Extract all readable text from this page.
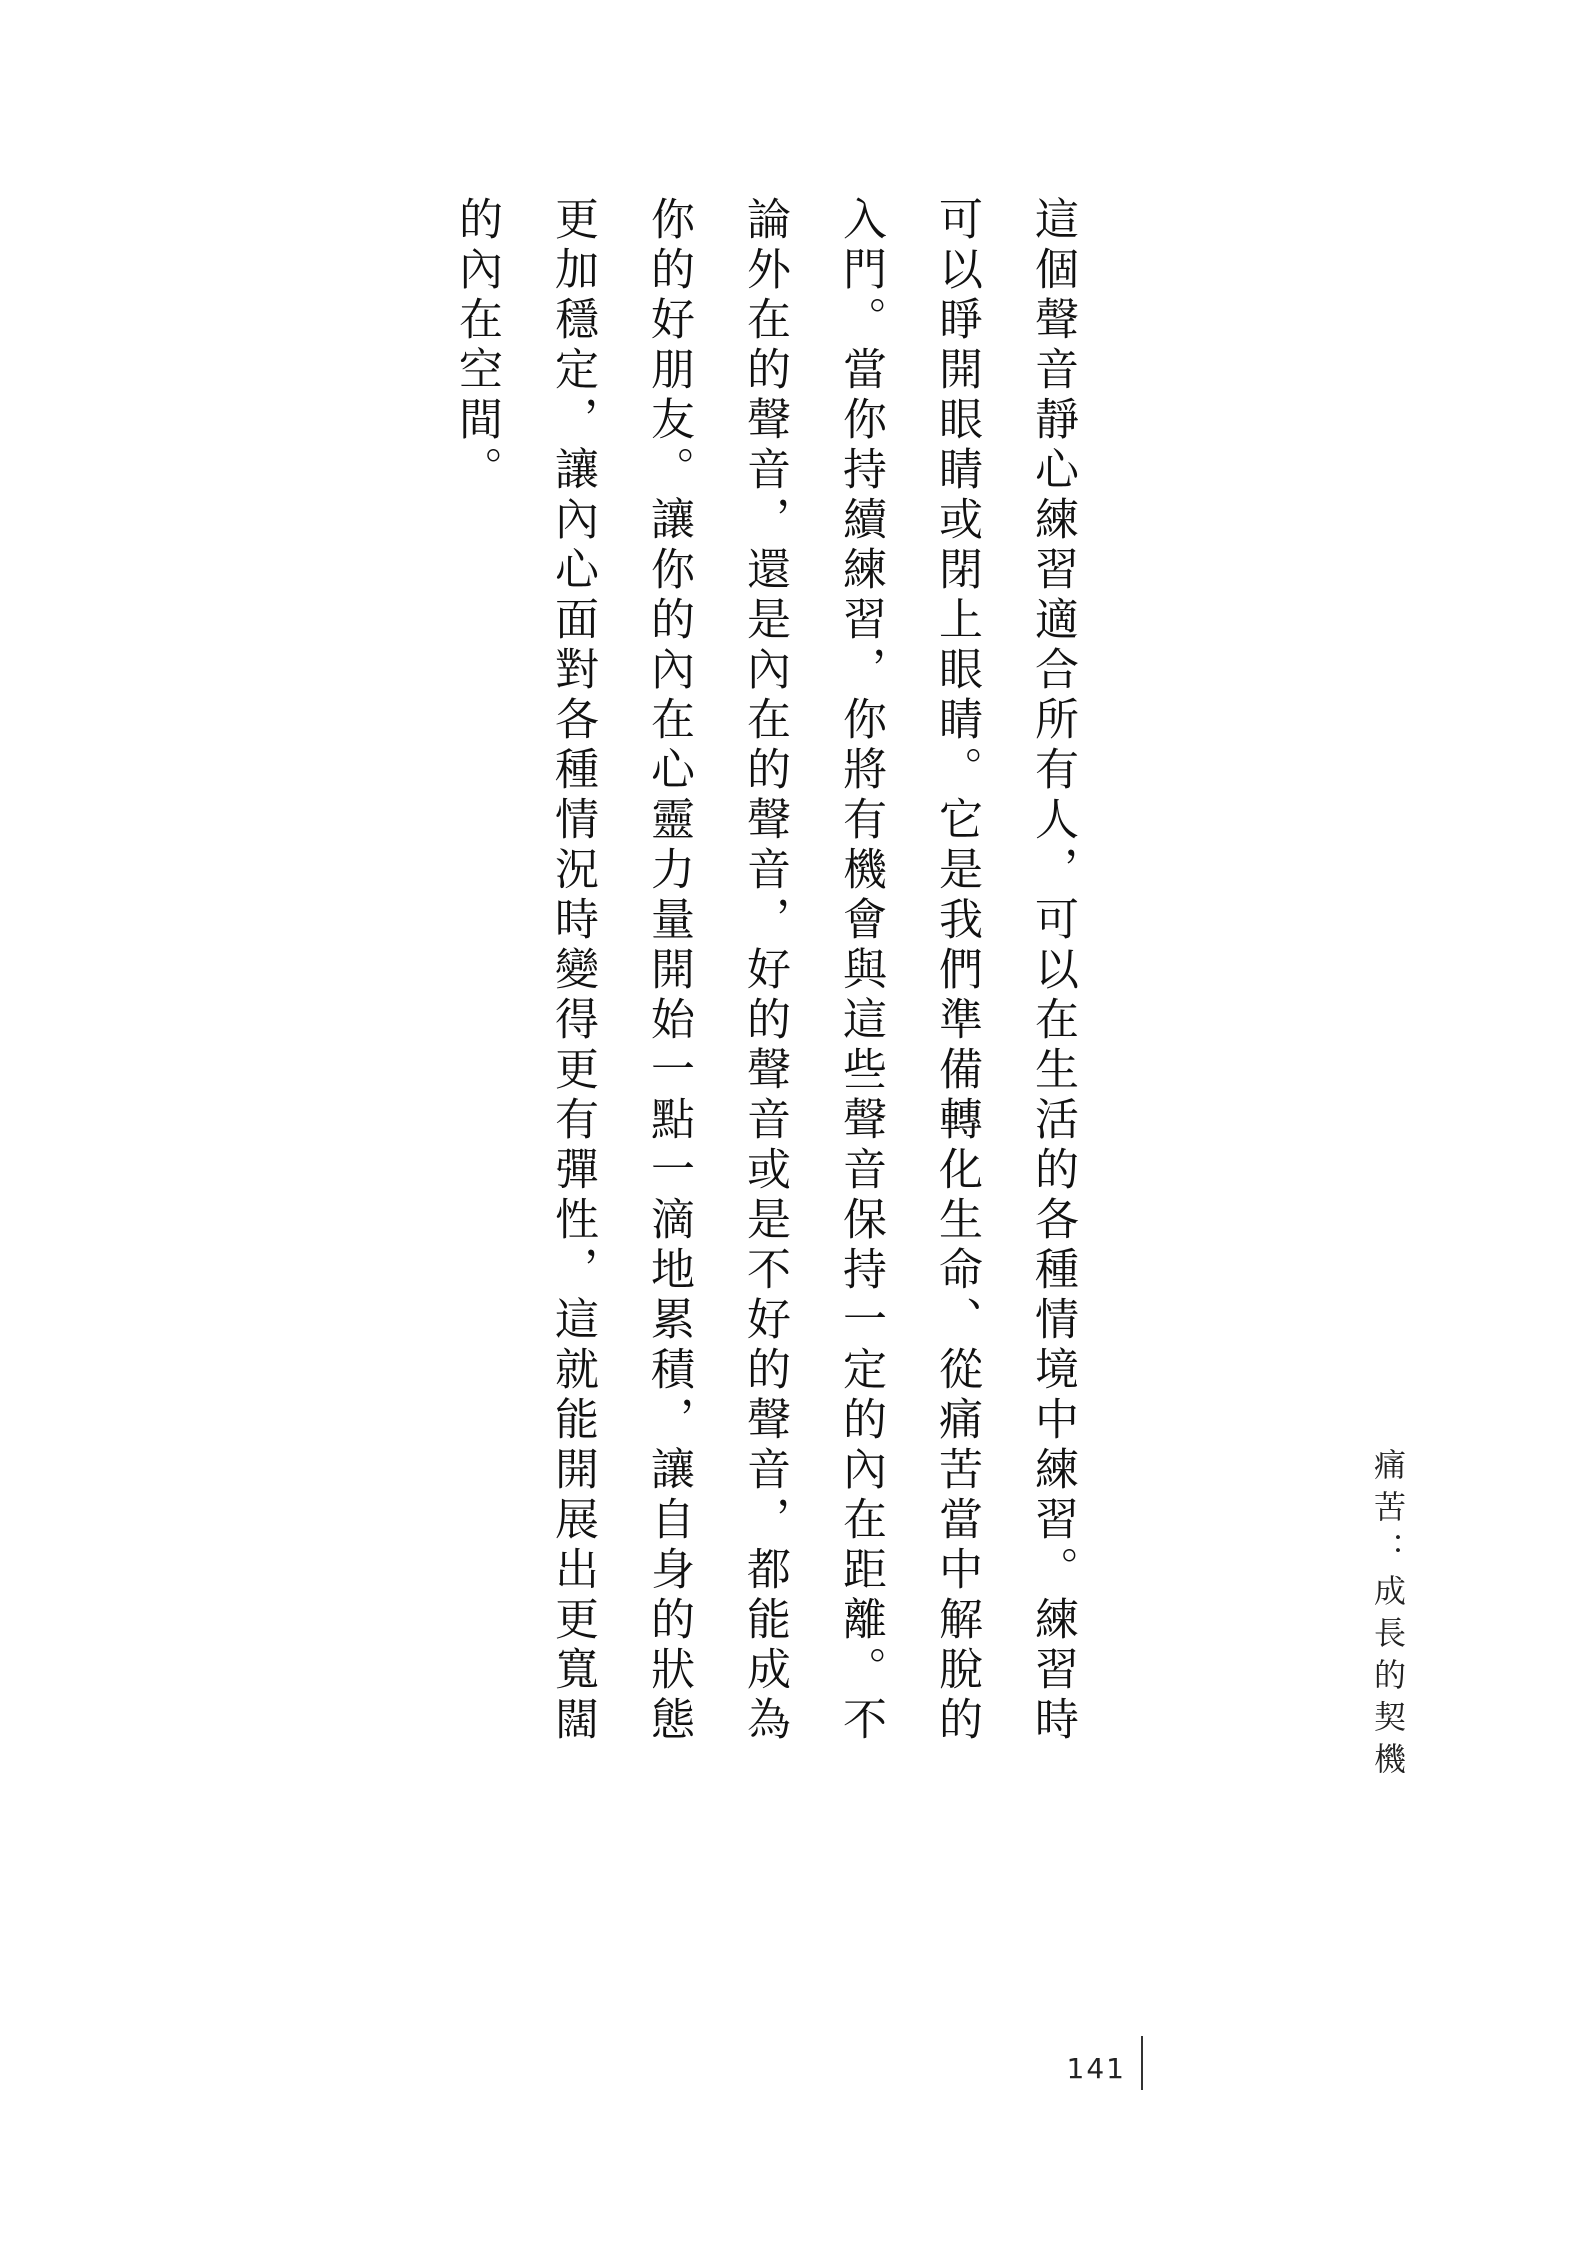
這個聲音靜心練習適合所有人，可以在生活的各種情境中練習。練習時可以睜開眼睛或閉上眼睛。它是我們準備轉化生命、從痛苦當中解脫的入門。當你持續練習，你將有機會與這些聲音保持一定的內在距離。不論外在的聲音，還是內在的聲音，好的聲音或是不好的聲音，都能成為你的好朋友。讓你的內在心靈力量開始一點一滴地累積，讓自身的狀態更加穩定，讓內心面對各種情況時變得更有彈性，這就能開展出更寬闊的內在空間。

痛苦：成長的契機
141
